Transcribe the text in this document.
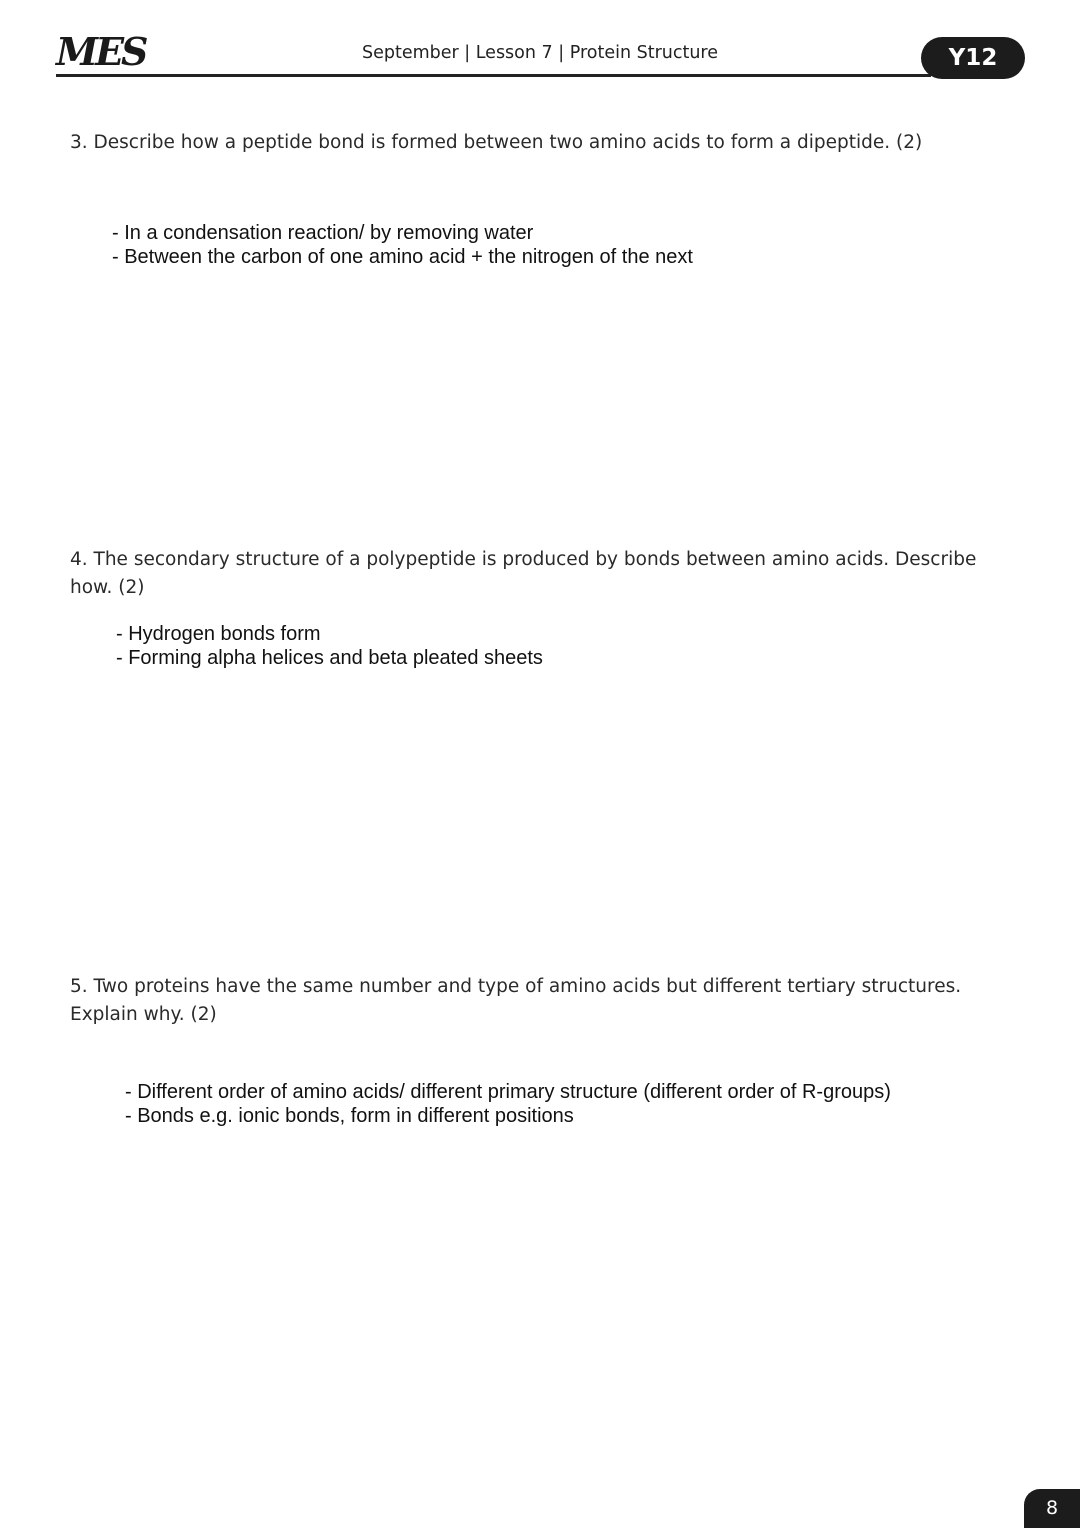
MES	September | Lesson 7 | Protein Structure	Y12
3. Describe how a peptide bond is formed between two amino acids to form a dipeptide. (2)
- In a condensation reaction/ by removing water
- Between the carbon of one amino acid + the nitrogen of the next
4. The secondary structure of a polypeptide is produced by bonds between amino acids. Describe how. (2)
- Hydrogen bonds form
- Forming alpha helices and beta pleated sheets
5. Two proteins have the same number and type of amino acids but different tertiary structures. Explain why. (2)
- Different order of amino acids/ different primary structure (different order of R-groups)
- Bonds e.g. ionic bonds, form in different positions
8
